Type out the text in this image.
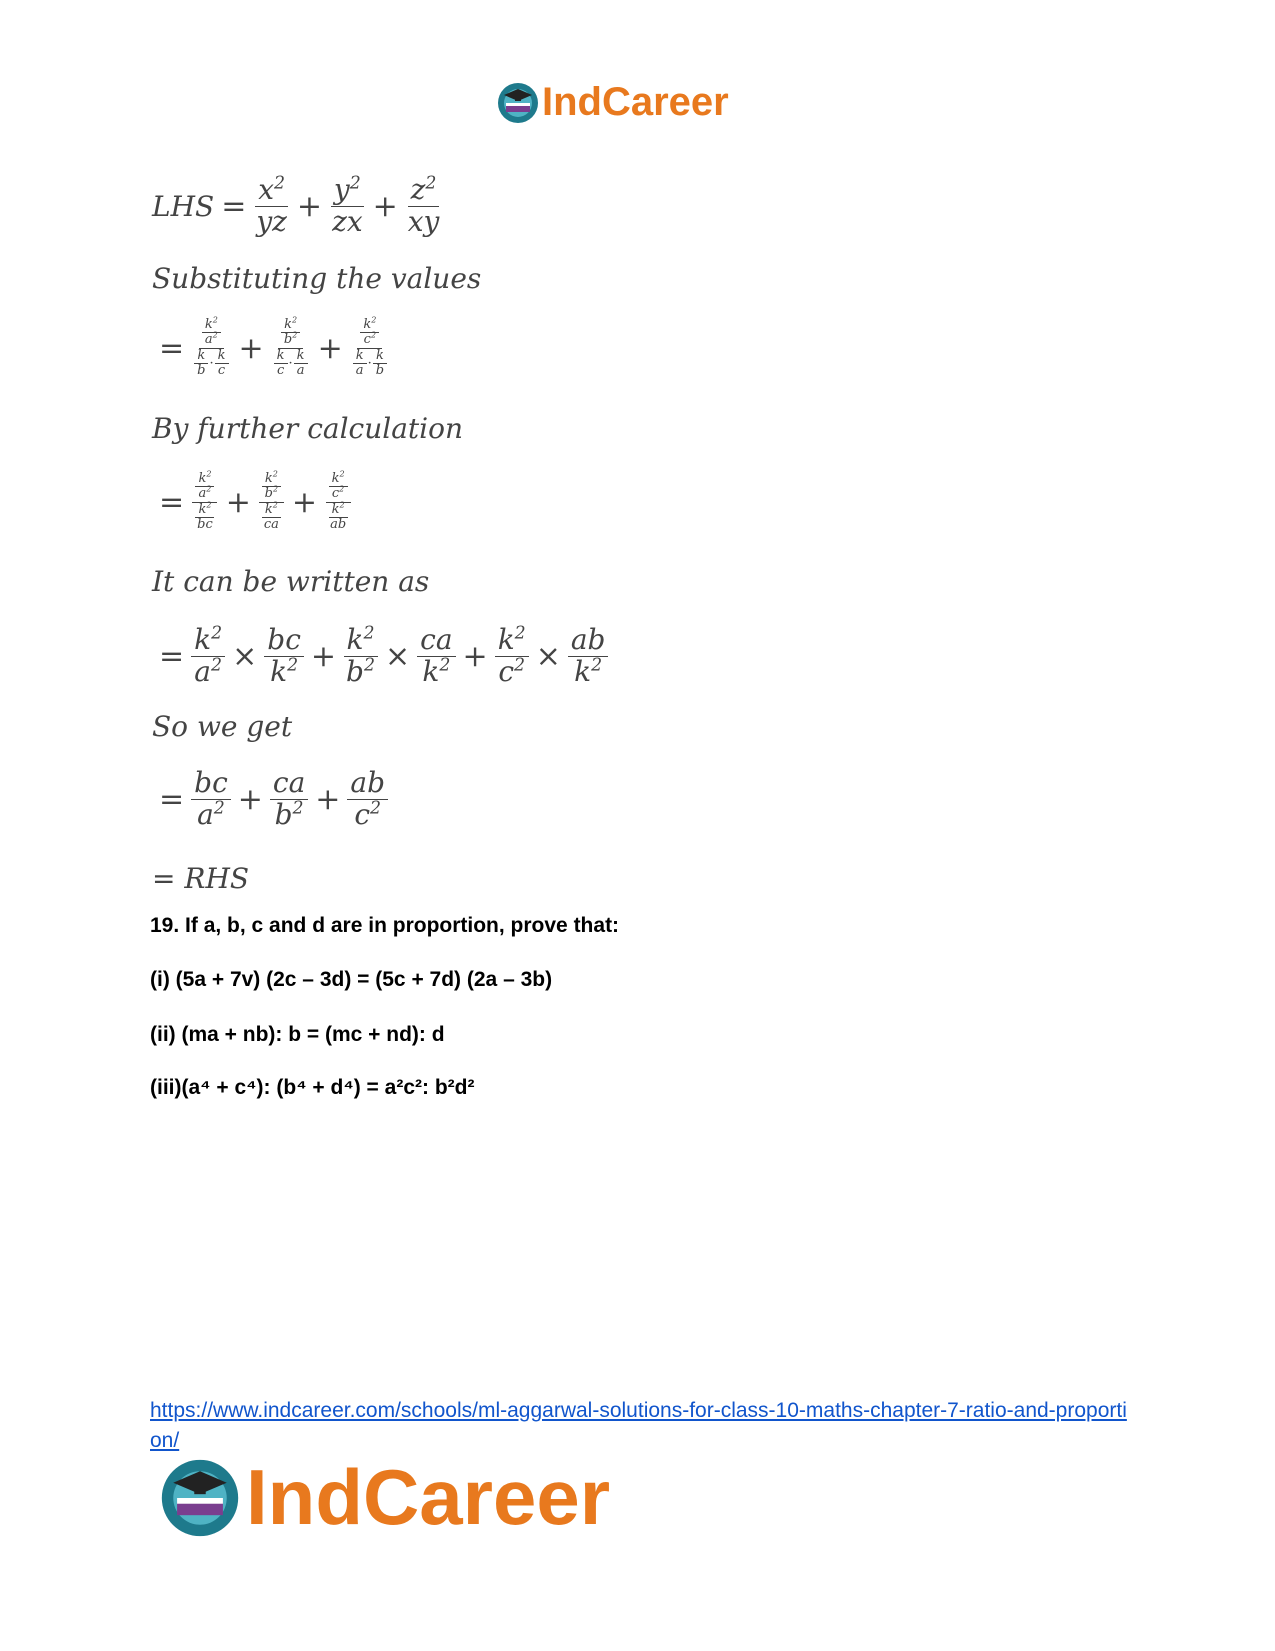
IndCareer
LHS = $\frac{x^2}{yz} + \frac{y^2}{zx} + \frac{z^2}{xy}$
Substituting the values
= $\frac{\frac{k^2}{a^2}}{\frac{k}{b} \cdot \frac{k}{c}} + \frac{\frac{k^2}{b^2}}{\frac{k}{c} \cdot \frac{k}{a}} + \frac{\frac{k^2}{c^2}}{\frac{k}{a} \cdot \frac{k}{b}}$
By further calculation
= $\frac{\frac{k^2}{a^2}}{\frac{k^2}{bc}} + \frac{\frac{k^2}{b^2}}{\frac{k^2}{ca}} + \frac{\frac{k^2}{c^2}}{\frac{k^2}{ab}}$
It can be written as
= $\frac{k^2}{a^2} \times \frac{bc}{k^2} + \frac{k^2}{b^2} \times \frac{ca}{k^2} + \frac{k^2}{c^2} \times \frac{ab}{k^2}$
So we get
= $\frac{bc}{a^2} + \frac{ca}{b^2} + \frac{ab}{c^2}$
= RHS
19. If a, b, c and d are in proportion, prove that:
(i) (5a + 7v) (2c – 3d) = (5c + 7d) (2a – 3b)
(ii) (ma + nb): b = (mc + nd): d
(iii)(a⁴ + c⁴): (b⁴ + d⁴) = a²c²: b²d²
https://www.indcareer.com/schools/ml-aggarwal-solutions-for-class-10-maths-chapter-7-ratio-and-proportion/
IndCareer
